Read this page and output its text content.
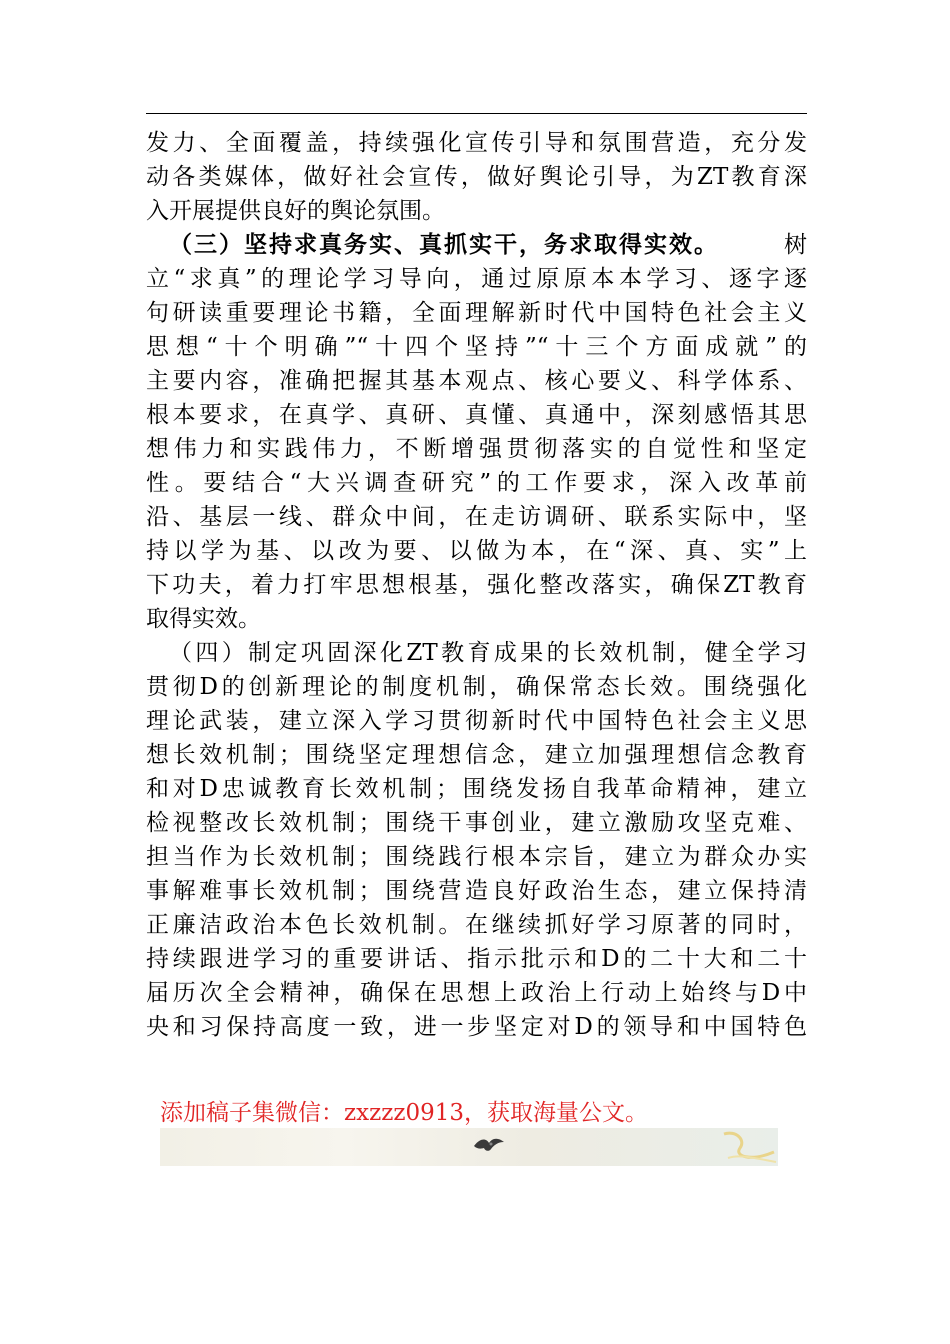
发力、全面覆盖，持续强化宣传引导和氛围营造，充分发
动各类媒体，做好社会宣传，做好舆论引导，为ZT教育深
入开展提供良好的舆论氛围。
（三）坚持求真务实、真抓实干，务求取得实效。	树
立“求真”的理论学习导向，通过原原本本学习、逐字逐
句研读重要理论书籍，全面理解新时代中国特色社会主义
思想“十个明确”“十四个坚持”“十三个方面成就”的
主要内容，准确把握其基本观点、核心要义、科学体系、
根本要求，在真学、真研、真懂、真通中，深刻感悟其思
想伟力和实践伟力，不断增强贯彻落实的自觉性和坚定
性。要结合“大兴调查研究”的工作要求，深入改革前
沿、基层一线、群众中间，在走访调研、联系实际中，坚
持以学为基、以改为要、以做为本，在“深、真、实”上
下功夫，着力打牢思想根基，强化整改落实，确保ZT教育
取得实效。
（四）制定巩固深化ZT教育成果的长效机制，健全学习
贯彻D的创新理论的制度机制，确保常态长效。围绕强化
理论武装，建立深入学习贯彻新时代中国特色社会主义思
想长效机制；围绕坚定理想信念，建立加强理想信念教育
和对D忠诚教育长效机制；围绕发扬自我革命精神，建立
检视整改长效机制；围绕干事创业，建立激励攻坚克难、
担当作为长效机制；围绕践行根本宗旨，建立为群众办实
事解难事长效机制；围绕营造良好政治生态，建立保持清
正廉洁政治本色长效机制。在继续抓好学习原著的同时，
持续跟进学习的重要讲话、指示批示和D的二十大和二十
届历次全会精神，确保在思想上政治上行动上始终与D中
央和习保持高度一致，进一步坚定对D的领导和中国特色
添加稿子集微信：zxzzz0913，获取海量公文。
